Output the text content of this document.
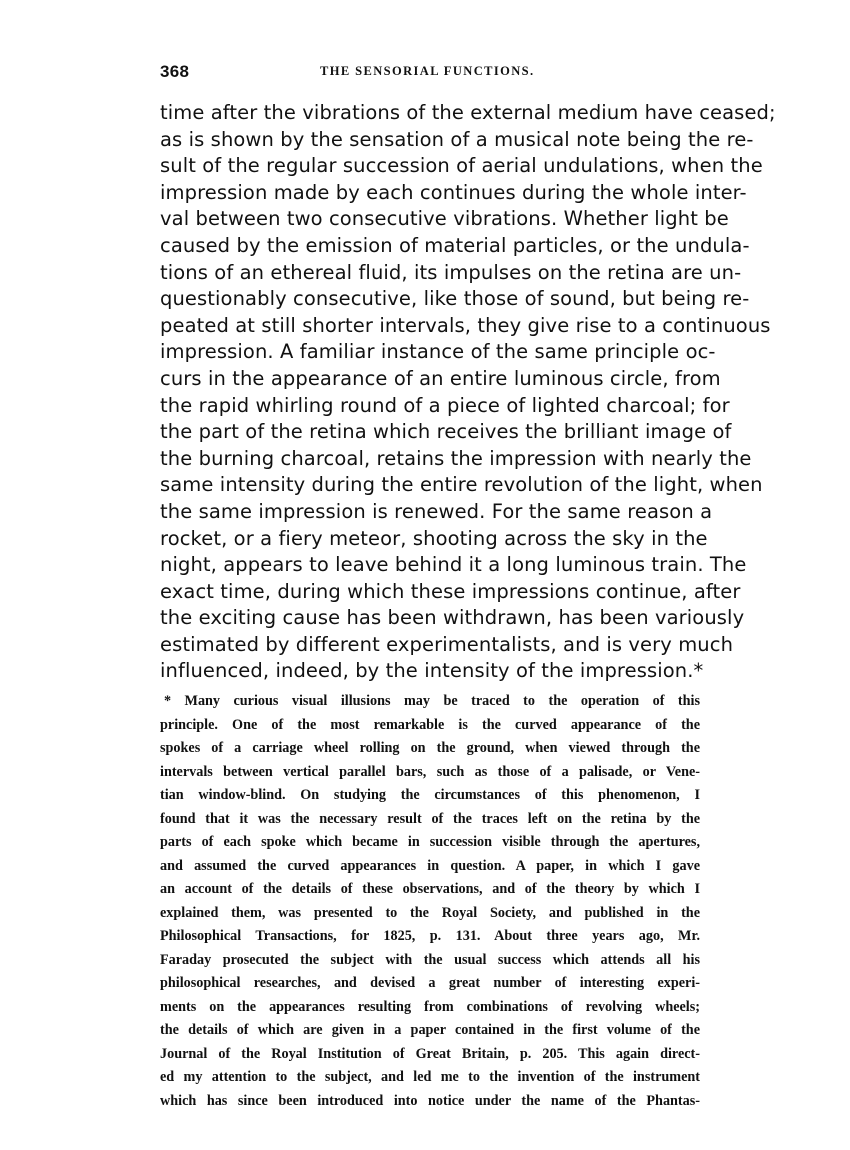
368	THE SENSORIAL FUNCTIONS.
time after the vibrations of the external medium have ceased;
as is shown by the sensation of a musical note being the re-
sult of the regular succession of aerial undulations, when the
impression made by each continues during the whole inter-
val between two consecutive vibrations. Whether light be
caused by the emission of material particles, or the undula-
tions of an ethereal fluid, its impulses on the retina are un-
questionably consecutive, like those of sound, but being re-
peated at still shorter intervals, they give rise to a continuous
impression. A familiar instance of the same principle oc-
curs in the appearance of an entire luminous circle, from
the rapid whirling round of a piece of lighted charcoal; for
the part of the retina which receives the brilliant image of
the burning charcoal, retains the impression with nearly the
same intensity during the entire revolution of the light, when
the same impression is renewed. For the same reason a
rocket, or a fiery meteor, shooting across the sky in the
night, appears to leave behind it a long luminous train. The
exact time, during which these impressions continue, after
the exciting cause has been withdrawn, has been variously
estimated by different experimentalists, and is very much
influenced, indeed, by the intensity of the impression.*
* Many curious visual illusions may be traced to the operation of this
principle. One of the most remarkable is the curved appearance of the
spokes of a carriage wheel rolling on the ground, when viewed through the
intervals between vertical parallel bars, such as those of a palisade, or Vene-
tian window-blind. On studying the circumstances of this phenomenon, I
found that it was the necessary result of the traces left on the retina by the
parts of each spoke which became in succession visible through the apertures,
and assumed the curved appearances in question. A paper, in which I gave
an account of the details of these observations, and of the theory by which I
explained them, was presented to the Royal Society, and published in the
Philosophical Transactions, for 1825, p. 131. About three years ago, Mr.
Faraday prosecuted the subject with the usual success which attends all his
philosophical researches, and devised a great number of interesting experi-
ments on the appearances resulting from combinations of revolving wheels;
the details of which are given in a paper contained in the first volume of the
Journal of the Royal Institution of Great Britain, p. 205. This again direct-
ed my attention to the subject, and led me to the invention of the instrument
which has since been introduced into notice under the name of the Phantas-
